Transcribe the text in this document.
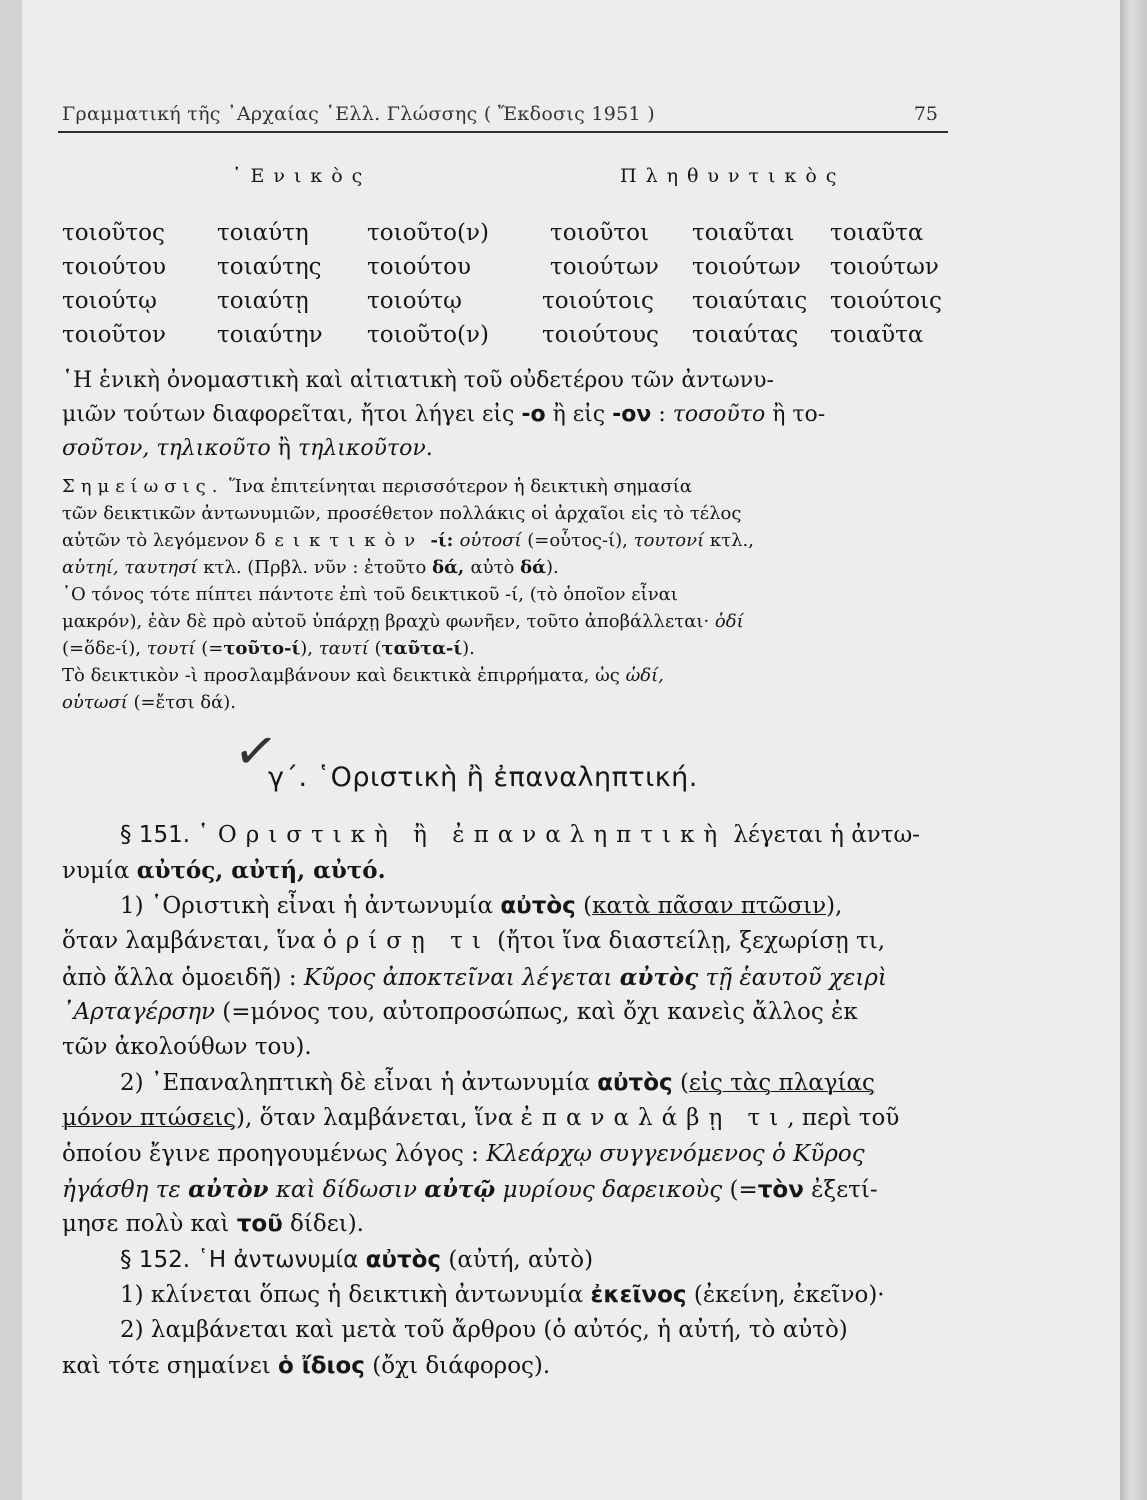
Γραμματική τῆς ᾿Αρχαίας ῾Ελλ. Γλώσσης ( Ἔκδοσις 1951 )	75
῾Ενικὸς	Πληθυντικὸς
τοιοῦτος τοιαύτη	τοιοῦτο(ν)	τοιοῦτοι τοιαῦται τοιαῦτα
τοιούτου τοιαύτης τοιούτου	τοιούτων τοιούτων τοιούτων
τοιούτῳ	τοιαύτῃ	τοιούτῳ	τοιούτοις τοιαύταις τοιούτοις
τοιοῦτον τοιαύτην τοιοῦτο(ν) τοιούτους τοιαύτας τοιαῦτα
῾Η ἑνικὴ ὀνομαστικὴ καὶ αἰτιατικὴ τοῦ οὐδετέρου τῶν ἀντωνυ-
μιῶν τούτων διαφορεῖται, ἤτοι λήγει εἰς -ο ἢ εἰς -ον : τοσοῦτο ἢ το-
σοῦτον, τηλικοῦτο ἢ τηλικοῦτον.
Σημείωσις. Ἵνα ἐπιτείνηται περισσότερον ἡ δεικτικὴ σημασία
τῶν δεικτικῶν ἀντωνυμιῶν, προσέθετον πολλάκις οἱ ἀρχαῖοι εἰς τὸ τέλος
αὐτῶν τὸ λεγόμενον δεικτικὸν -ί: οὑτοσί (=οὗτος-ί), τουτονί κτλ.,
αὑτηί, ταυτησί κτλ. (Πρβλ. νῦν : ἐτοῦτο δά, αὐτὸ δά).
῾Ο τόνος τότε πίπτει πάντοτε ἐπὶ τοῦ δεικτικοῦ -ί, (τὸ ὁποῖον εἶναι
μακρόν), ἐὰν δὲ πρὸ αὐτοῦ ὑπάρχῃ βραχὺ φωνῆεν, τοῦτο ἀποβάλλεται· ὁδί
(=ὅδε-ί), τουτί (=τοῦτο-ί), ταυτί (ταῦτα-ί).
Τὸ δεικτικὸν -ὶ προσλαμβάνουν καὶ δεικτικὰ ἐπιρρήματα, ὡς ὡδί,
οὑτωσί (=ἔτσι δά).
✓
γ΄. ῾Οριστικὴ ἢ ἐπαναληπτική.
§ 151. ῾Οριστικὴ ἢ ἐπαναληπτικὴ λέγεται ἡ ἀντω-
νυμία αὐτός, αὐτή, αὐτό.
1) ῾Οριστικὴ εἶναι ἡ ἀντωνυμία αὐτὸς (κατὰ πᾶσαν πτῶσιν),
ὅταν λαμβάνεται, ἵνα ὁρίσῃ τι (ἤτοι ἵνα διαστείλῃ, ξεχωρίσῃ τι,
ἀπὸ ἄλλα ὁμοειδῆ) : Κῦρος ἀποκτεῖναι λέγεται αὐτὸς τῇ ἑαυτοῦ χειρὶ
᾿Αρταγέρσην (=μόνος του, αὐτοπροσώπως, καὶ ὄχι κανεὶς ἄλλος ἐκ
τῶν ἀκολούθων του).
2) ᾿Επαναληπτικὴ δὲ εἶναι ἡ ἀντωνυμία αὐτὸς (εἰς τὰς πλαγίας
μόνον πτώσεις), ὅταν λαμβάνεται, ἵνα ἐπαναλάβῃ τι, περὶ τοῦ
ὁποίου ἔγινε προηγουμένως λόγος : Κλεάρχῳ συγγενόμενος ὁ Κῦρος
ἠγάσθη τε αὐτὸν καὶ δίδωσιν αὐτῷ μυρίους δαρεικοὺς (=τὸν ἐξετί-
μησε πολὺ καὶ τοῦ δίδει).
§ 152. ῾Η ἀντωνυμία αὐτὸς (αὐτή, αὐτὸ)
1) κλίνεται ὅπως ἡ δεικτικὴ ἀντωνυμία ἐκεῖνος (ἐκείνη, ἐκεῖνο)·
2) λαμβάνεται καὶ μετὰ τοῦ ἄρθρου (ὁ αὐτός, ἡ αὐτή, τὸ αὐτὸ)
καὶ τότε σημαίνει ὁ ἴδιος (ὄχι διάφορος).
